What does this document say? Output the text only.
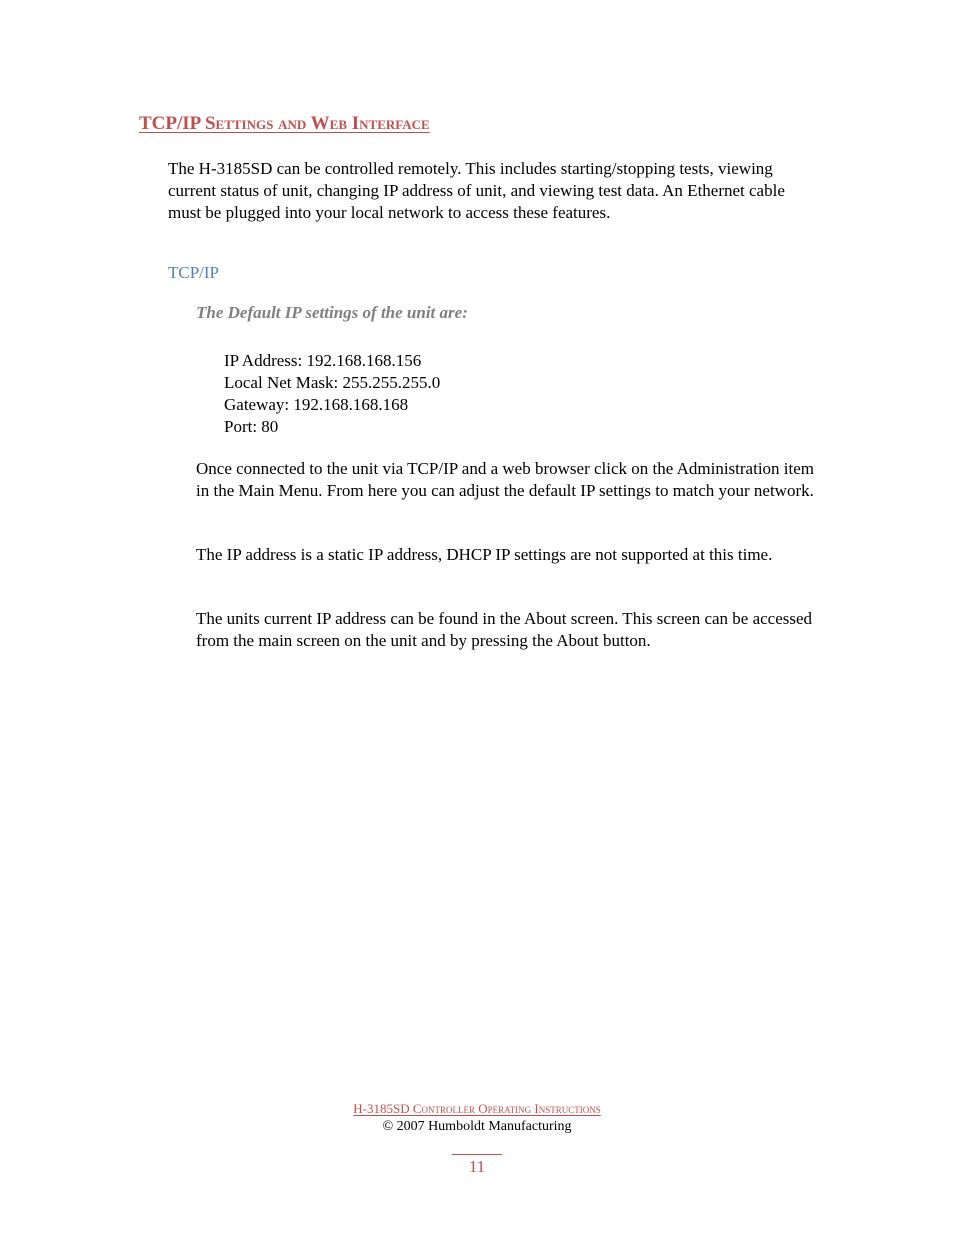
TCP/IP Settings and Web Interface

The H-3185SD can be controlled remotely. This includes starting/stopping tests, viewing current status of unit, changing IP address of unit, and viewing test data. An Ethernet cable must be plugged into your local network to access these features.

TCP/IP
The Default IP settings of the unit are:
IP Address: 192.168.168.156
Local Net Mask: 255.255.255.0
Gateway: 192.168.168.168
Port: 80

Once connected to the unit via TCP/IP and a web browser click on the Administration item in the Main Menu. From here you can adjust the default IP settings to match your network.

The IP address is a static IP address, DHCP IP settings are not supported at this time.

The units current IP address can be found in the About screen. This screen can be accessed from the main screen on the unit and by pressing the About button.

H-3185SD Controller Operating Instructions
© 2007 Humboldt Manufacturing
11
